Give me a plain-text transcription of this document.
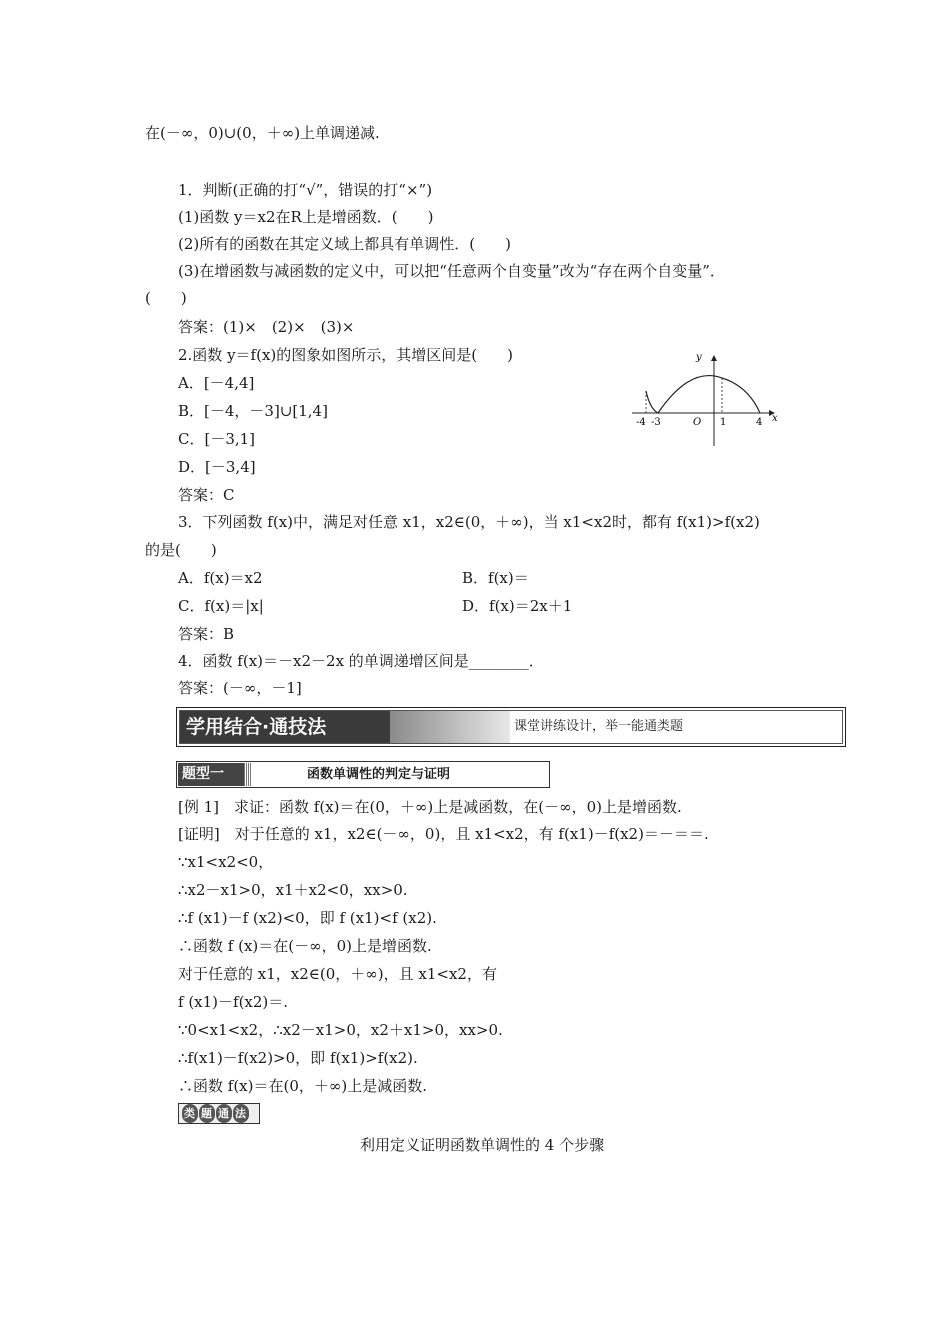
在(－∞，0)∪(0，＋∞)上单调递减.
1．判断(正确的打“√”，错误的打“×”)
(1)函数 y＝x2在R上是增函数．(　　)
(2)所有的函数在其定义域上都具有单调性．(　　)
(3)在增函数与减函数的定义中，可以把“任意两个自变量”改为“存在两个自变量”．
(　　)
答案：(1)×　(2)×　(3)×
2.函数 y＝f(x)的图象如图所示，其增区间是(　　)
A．[－4,4]
B．[－4，－3]∪[1,4]
C．[－3,1]
D．[－3,4]
答案：C
3．下列函数 f(x)中，满足对任意 x1，x2∈(0，＋∞)，当 x1<x2时，都有 f(x1)>f(x2)
的是(　　)
A．f(x)＝x2	B．f(x)＝
C．f(x)＝|x|	D．f(x)＝2x＋1
答案：B
4．函数 f(x)＝－x2－2x 的单调递增区间是________．
答案：(－∞，－1]
学用结合·通技法	课堂讲练设计，举一能通类题
题型一	函数单调性的判定与证明
[例 1]　求证：函数 f(x)＝在(0，＋∞)上是减函数，在(－∞，0)上是增函数.
[证明]　对于任意的 x1，x2∈(－∞，0)，且 x1<x2，有 f(x1)－f(x2)＝－＝＝.
∵x1<x2<0，
∴x2－x1>0，x1＋x2<0，xx>0.
∴f (x1)－f (x2)<0，即 f (x1)<f (x2).
∴函数 f (x)＝在(－∞，0)上是增函数.
对于任意的 x1，x2∈(0，＋∞)，且 x1<x2，有
f (x1)－f(x2)＝.
∵0<x1<x2，∴x2－x1>0，x2＋x1>0，xx>0.
∴f(x1)－f(x2)>0，即 f(x1)>f(x2).
∴函数 f(x)＝在(0，＋∞)上是减函数.
类 题 通 法
利用定义证明函数单调性的 4 个步骤
y
x
O
-4 -3	1	4
